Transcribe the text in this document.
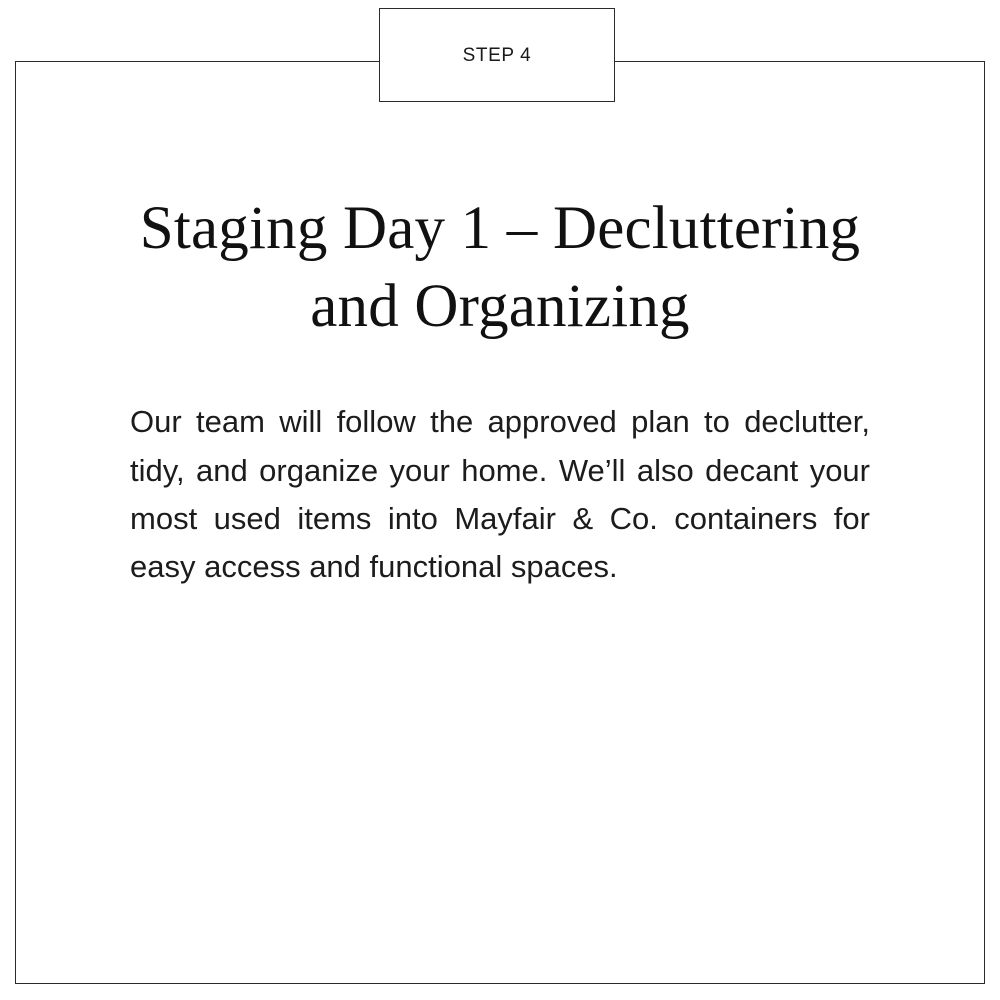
STEP 4
Staging Day 1 – Decluttering and Organizing

Our team will follow the approved plan to declutter, tidy, and organize your home. We’ll also decant your most used items into Mayfair & Co. containers for easy access and functional spaces.
